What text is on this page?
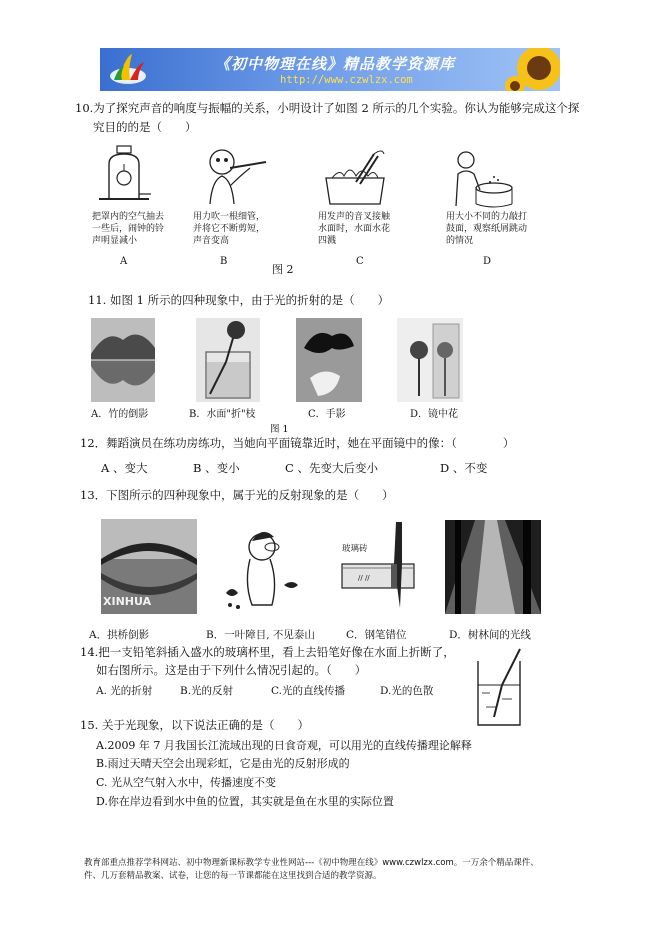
《初中物理在线》精品教学资源库
http://www.czwlzx.com
10.为了探究声音的响度与振幅的关系，小明设计了如图 2 所示的几个实验。你认为能够完成这个探
究目的的是（　　）
把罩内的空气抽去
一些后，闹钟的铃
声明显减小
用力吹一根细管，
并将它不断剪短，
声音变高
用发声的音叉接触
水面时，水面水花
四溅
用大小不同的力敲打
鼓面，观察纸屑跳动
的情况
A	B
图 2
C	D
11. 如图 1 所示的四种现象中，由于光的折射的是（　　）
A．竹的倒影	B．水面"折"枝	C．手影	D．镜中花
图 1
12．舞蹈演员在练功房练功，当她向平面镜靠近时，她在平面镜中的像：（　　　　）
A 、变大	B 、变小	C 、先变大后变小	D 、不变
13．下图所示的四种现象中，属于光的反射现象的是（　　）
XINHUA
// //
玻璃砖
A．拱桥倒影	B．一叶障目, 不见泰山	C．钢笔错位	D．树林间的光线
14.把一支铅笔斜插入盛水的玻璃杯里，看上去铅笔好像在水面上折断了，
如右图所示。这是由于下列什么情况引起的。（　　）
A. 光的折射	B.光的反射	C.光的直线传播	D.光的色散
15. 关于光现象，以下说法正确的是（　　）
A.2009 年 7 月我国长江流域出现的日食奇观，可以用光的直线传播理论解释
B.雨过天晴天空会出现彩虹，它是由光的反射形成的
C. 光从空气射入水中，传播速度不变
D.你在岸边看到水中鱼的位置，其实就是鱼在水里的实际位置
教育部重点推荐学科网站、初中物理新课标教学专业性网站---《初中物理在线》www.czwlzx.com。一万余个精品课件、
件、几万套精品教案、试卷，让您的每一节课都能在这里找到合适的教学资源。
